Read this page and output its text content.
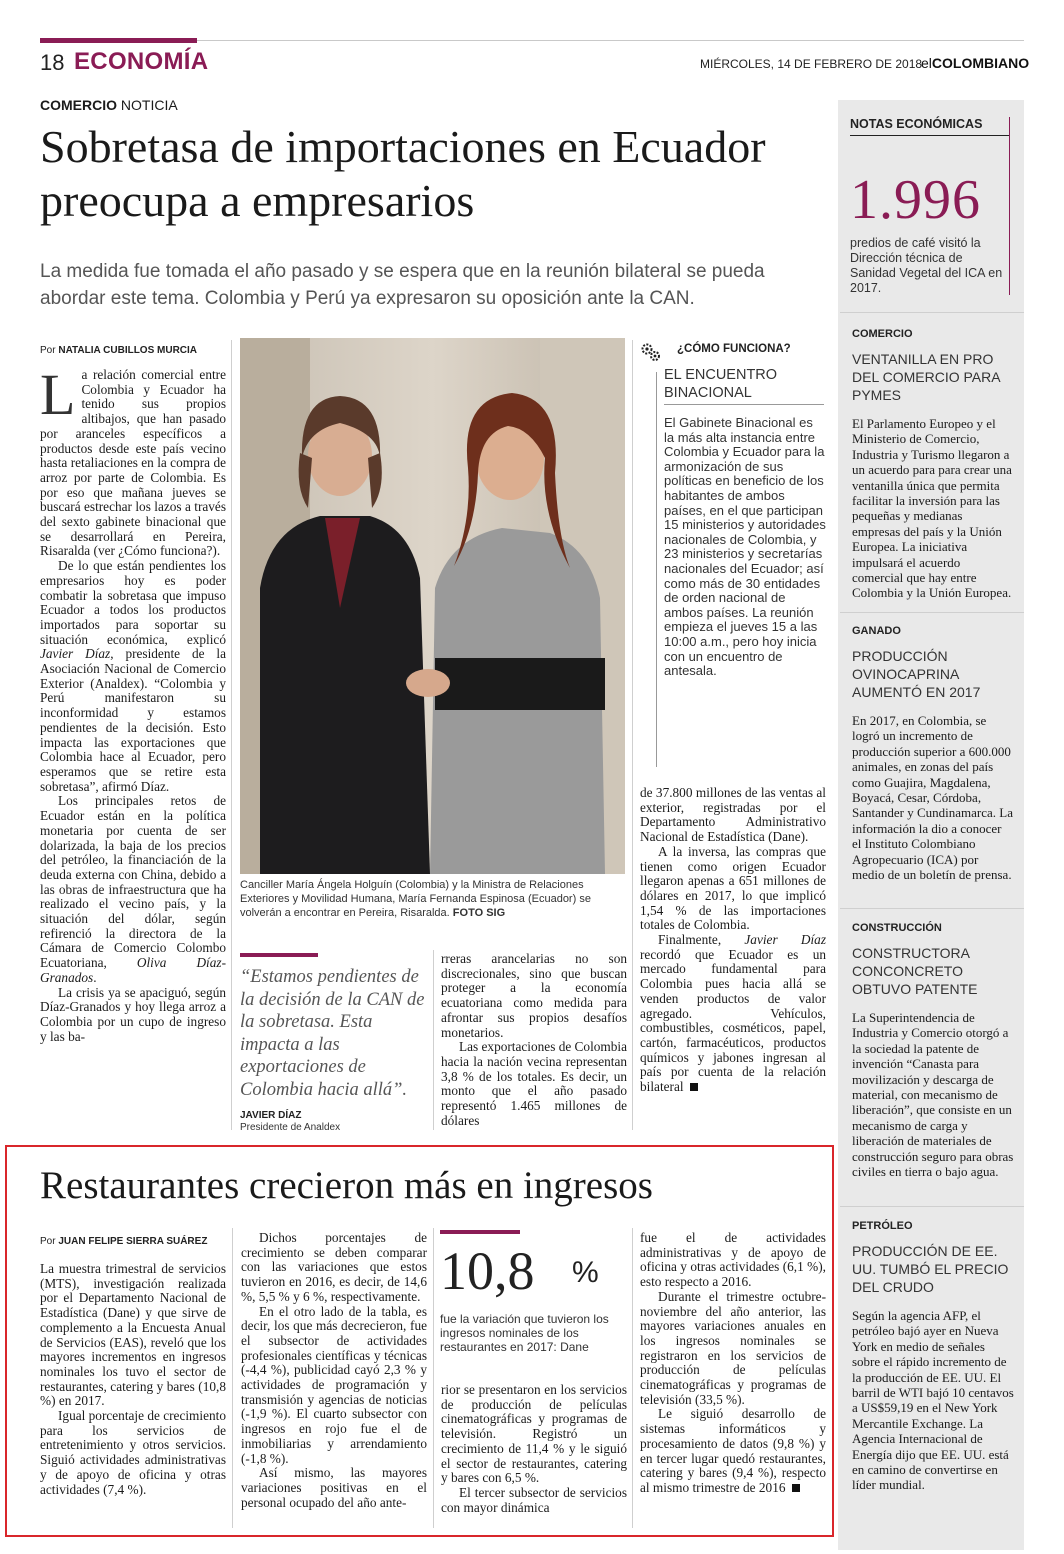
18 ECONOMÍA	MIÉRCOLES, 14 DE FEBRERO DE 2018
elCOLOMBIANO
COMERCIO NOTICIA
Sobretasa de importaciones en Ecuador preocupa a empresarios
La medida fue tomada el año pasado y se espera que en la reunión bilateral se pueda abordar este tema. Colombia y Perú ya expresaron su oposición ante la CAN.
Por NATALIA CUBILLOS MURCIA

La relación comercial entre Colombia y Ecuador ha tenido sus propios altibajos, que han pasado por aranceles específicos a productos desde este país vecino hasta retaliaciones en la compra de arroz por parte de Colombia. Es por eso que mañana jueves se buscará estrechar los lazos a través del sexto gabinete binacional que se desarrollará en Pereira, Risaralda (ver ¿Cómo funciona?).

De lo que están pendientes los empresarios hoy es poder combatir la sobretasa que impuso Ecuador a todos los productos importados para soportar su situación económica, explicó Javier Díaz, presidente de la Asociación Nacional de Comercio Exterior (Analdex). “Colombia y Perú manifestaron su inconformidad y estamos pendientes de la decisión. Esto impacta las exportaciones que Colombia hace al Ecuador, pero esperamos que se retire esta sobretasa”, afirmó Díaz.

Los principales retos de Ecuador están en la política monetaria por cuenta de ser dolarizada, la baja de los precios del petróleo, la financiación de la deuda externa con China, debido a las obras de infraestructura que ha realizado el vecino país, y la situación del dólar, según refirenció la directora de la Cámara de Comercio Colombo Ecuatoriana, Oliva Díaz-Granados.

La crisis ya se apaciguó, según Díaz-Granados y hoy llega arroz a Colombia por un cupo de ingreso y las ba-

Canciller María Ángela Holguín (Colombia) y la Ministra de Relaciones Exteriores y Movilidad Humana, María Fernanda Espinosa (Ecuador) se volverán a encontrar en Pereira, Risaralda. FOTO SIG
¿CÓMO FUNCIONA?
EL ENCUENTRO BINACIONAL
El Gabinete Binacional es la más alta instancia entre Colombia y Ecuador para la armonización de sus políticas en beneficio de los habitantes de ambos países, en el que participan 15 ministerios y autoridades nacionales de Colombia, y 23 ministerios y secretarías nacionales del Ecuador; así como más de 30 entidades de orden nacional de ambos países. La reunión empieza el jueves 15 a las 10:00 a.m., pero hoy inicia con un encuentro de antesala.

de 37.800 millones de las ventas al exterior, registradas por el Departamento Administrativo Nacional de Estadística (Dane).

A la inversa, las compras que tienen como origen Ecuador llegaron apenas a 651 millones de dólares en 2017, lo que implicó 1,54 % de las importaciones totales de Colombia.

Finalmente, Javier Díaz recordó que Ecuador es un mercado fundamental para Colombia pues hacia allá se venden productos de valor agregado. Vehículos, combustibles, cosméticos, papel, cartón, farmacéuticos, productos químicos y jabones ingresan al país por cuenta de la relación bilateral

“Estamos pendientes de la decisión de la CAN de la sobretasa. Esta impacta a las exportaciones de Colombia hacia allá”.
JAVIER DÍAZ
Presidente de Analdex

rreras arancelarias no son discrecionales, sino que buscan proteger a la economía ecuatoriana como medida para afrontar sus propios desafíos monetarios.

Las exportaciones de Colombia hacia la nación vecina representan 3,8 % de los totales. Es decir, un monto que el año pasado representó 1.465 millones de dólares

NOTAS ECONÓMICAS
1.996
predios de café visitó la Dirección técnica de Sanidad Vegetal del ICA en 2017.
COMERCIO
VENTANILLA EN PRO DEL COMERCIO PARA PYMES
El Parlamento Europeo y el Ministerio de Comercio, Industria y Turismo llegaron a un acuerdo para para crear una ventanilla única que permita facilitar la inversión para las pequeñas y medianas empresas del país y la Unión Europea. La iniciativa impulsará el acuerdo comercial que hay entre Colombia y la Unión Europea.
GANADO
PRODUCCIÓN OVINOCAPRINA AUMENTÓ EN 2017
En 2017, en Colombia, se logró un incremento de producción superior a 600.000 animales, en zonas del país como Guajira, Magdalena, Boyacá, Cesar, Córdoba, Santander y Cundinamarca. La información la dio a conocer el Instituto Colombiano Agropecuario (ICA) por medio de un boletín de prensa.
CONSTRUCCIÓN
CONSTRUCTORA CONCONCRETO OBTUVO PATENTE
La Superintendencia de Industria y Comercio otorgó a la sociedad la patente de invención “Canasta para movilización y descarga de material, con mecanismo de liberación”, que consiste en un mecanismo de carga y liberación de materiales de construcción seguro para obras civiles en tierra o bajo agua.
PETRÓLEO
PRODUCCIÓN DE EE. UU. TUMBÓ EL PRECIO DEL CRUDO
Según la agencia AFP, el petróleo bajó ayer en Nueva York en medio de señales sobre el rápido incremento de la producción de EE. UU. El barril de WTI bajó 10 centavos a US$59,19 en el New York Mercantile Exchange. La Agencia Internacional de Energía dijo que EE. UU. está en camino de convertirse en líder mundial.
Restaurantes crecieron más en ingresos
Por JUAN FELIPE SIERRA SUÁREZ

La muestra trimestral de servicios (MTS), investigación realizada por el Departamento Nacional de Estadística (Dane) y que sirve de complemento a la Encuesta Anual de Servicios (EAS), reveló que los mayores incrementos en ingresos nominales los tuvo el sector de restaurantes, catering y bares (10,8 %) en 2017.

Igual porcentaje de crecimiento para los servicios de entretenimiento y otros servicios. Siguió actividades administrativas y de apoyo de oficina y otras actividades (7,4 %).

Dichos porcentajes de crecimiento se deben comparar con las variaciones que estos tuvieron en 2016, es decir, de 14,6 %, 5,5 % y 6 %, respectivamente.

En el otro lado de la tabla, es decir, los que más decrecieron, fue el subsector de actividades profesionales científicas y técnicas (-4,4 %), publicidad cayó 2,3 % y actividades de programación y transmisión y agencias de noticias (-1,9 %). El cuarto subsector con ingresos en rojo fue el de inmobiliarias y arrendamiento (-1,8 %).

Así mismo, las mayores variaciones positivas en el personal ocupado del año ante-

10,8 %
fue la variación que tuvieron los ingresos nominales de los restaurantes en 2017: Dane

rior se presentaron en los servicios de producción de películas cinematográficas y programas de televisión. Registró un crecimiento de 11,4 % y le siguió el sector de restaurantes, catering y bares con 6,5 %.

El tercer subsector de servicios con mayor dinámica

fue el de actividades administrativas y de apoyo de oficina y otras actividades (6,1 %), esto respecto a 2016.

Durante el trimestre octubre-noviembre del año anterior, las mayores variaciones anuales en los ingresos nominales se registraron en los servicios de producción de películas cinematográficas y programas de televisión (33,5 %).

Le siguió desarrollo de sistemas informáticos y procesamiento de datos (9,8 %) y en tercer lugar quedó restaurantes, catering y bares (9,4 %), respecto al mismo trimestre de 2016
